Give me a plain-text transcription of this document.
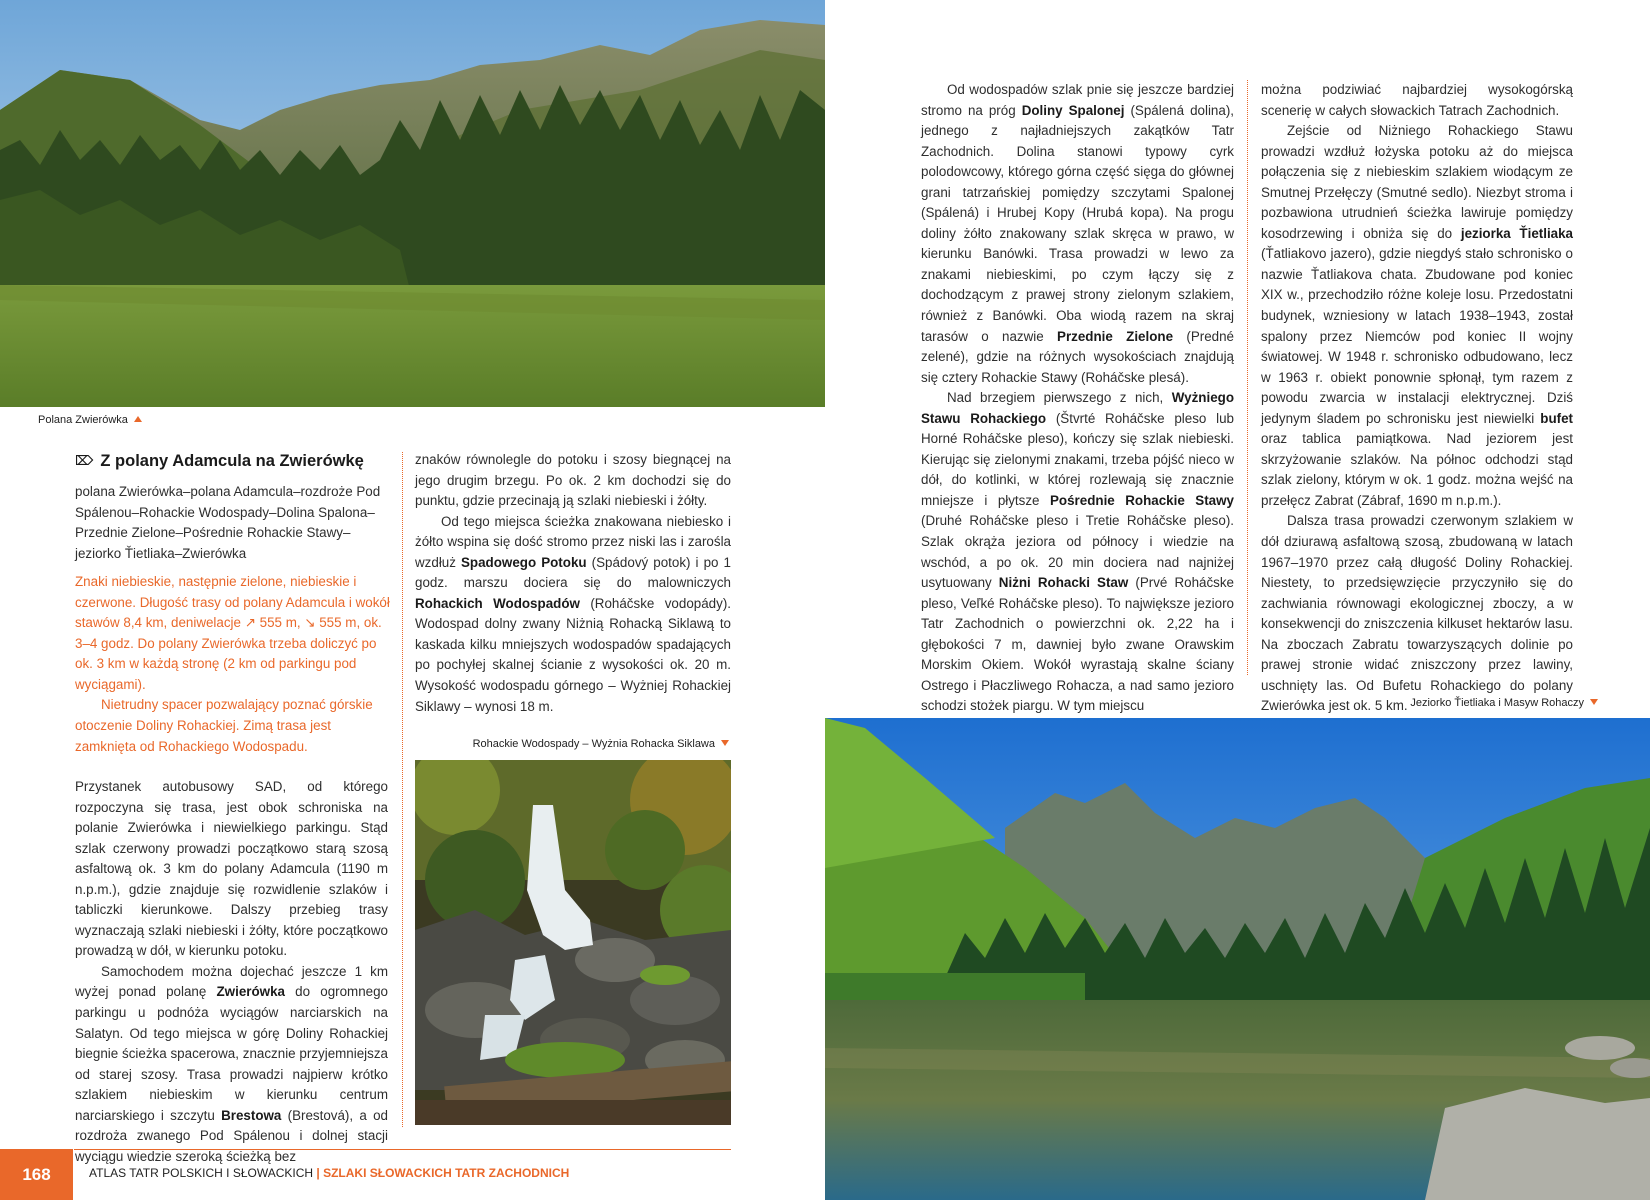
Polana Zwierówka
⌦ Z polany Adamcula na Zwierówkę

polana Zwierówka–polana Adamcula–rozdroże Pod Spálenou–Rohackie Wodospady–Dolina Spalona–Przednie Zielone–Pośrednie Rohackie Stawy–jeziorko Ťietliaka–Zwierówka

Znaki niebieskie, następnie zielone, niebieskie i czerwone. Długość trasy od polany Adamcula i wokół stawów 8,4 km, deniwelacje ↗ 555 m, ↘ 555 m, ok. 3–4 godz. Do polany Zwierówka trzeba doliczyć po ok. 3 km w każdą stronę (2 km od parkingu pod wyciągami).

Nietrudny spacer pozwalający poznać górskie otoczenie Doliny Rohackiej. Zimą trasa jest zamknięta od Rohackiego Wodospadu.

Przystanek autobusowy SAD, od którego rozpoczyna się trasa, jest obok schroniska na polanie Zwierówka i niewielkiego parkingu. Stąd szlak czerwony prowadzi początkowo starą szosą asfaltową ok. 3 km do polany Adamcula (1190 m n.p.m.), gdzie znajduje się rozwidlenie szlaków i tabliczki kierunkowe. Dalszy przebieg trasy wyznaczają szlaki niebieski i żółty, które początkowo prowadzą w dół, w kierunku potoku.

Samochodem można dojechać jeszcze 1 km wyżej ponad polanę Zwierówka do ogromnego parkingu u podnóża wyciągów narciarskich na Salatyn. Od tego miejsca w górę Doliny Rohackiej biegnie ścieżka spacerowa, znacznie przyjemniejsza od starej szosy. Trasa prowadzi najpierw krótko szlakiem niebieskim w kierunku centrum narciarskiego i szczytu Brestowa (Brestová), a od rozdroża zwanego Pod Spálenou i dolnej stacji wyciągu wiedzie szeroką ścieżką bez

znaków równolegle do potoku i szosy biegnącej na jego drugim brzegu. Po ok. 2 km dochodzi się do punktu, gdzie przecinają ją szlaki niebieski i żółty.

Od tego miejsca ścieżka znakowana niebiesko i żółto wspina się dość stromo przez niski las i zarośla wzdłuż Spadowego Potoku (Spádový potok) i po 1 godz. marszu dociera się do malowniczych Rohackich Wodospadów (Roháčske vodopády). Wodospad dolny zwany Niżnią Rohacką Siklawą to kaskada kilku mniejszych wodospadów spadających po pochyłej skalnej ścianie z wysokości ok. 20 m. Wysokość wodospadu górnego – Wyżniej Rohackiej Siklawy – wynosi 18 m.

Rohackie Wodospady – Wyżnia Rohacka Siklawa
168	ATLAS TATR POLSKICH I SŁOWACKICH | SZLAKI SŁOWACKICH TATR ZACHODNICH

Od wodospadów szlak pnie się jeszcze bardziej stromo na próg Doliny Spalonej (Spálená dolina), jednego z najładniejszych zakątków Tatr Zachodnich. Dolina stanowi typowy cyrk polodowcowy, którego górna część sięga do głównej grani tatrzańskiej pomiędzy szczytami Spalonej (Spálená) i Hrubej Kopy (Hrubá kopa). Na progu doliny żółto znakowany szlak skręca w prawo, w kierunku Banówki. Trasa prowadzi w lewo za znakami niebieskimi, po czym łączy się z dochodzącym z prawej strony zielonym szlakiem, również z Banówki. Oba wiodą razem na skraj tarasów o nazwie Przednie Zielone (Predné zelené), gdzie na różnych wysokościach znajdują się cztery Rohackie Stawy (Roháčske plesá).

Nad brzegiem pierwszego z nich, Wyżniego Stawu Rohackiego (Štvrté Roháčske pleso lub Horné Roháčske pleso), kończy się szlak niebieski. Kierując się zielonymi znakami, trzeba pójść nieco w dół, do kotlinki, w której rozlewają się znacznie mniejsze i płytsze Pośrednie Rohackie Stawy (Druhé Roháčske pleso i Tretie Roháčske pleso). Szlak okrąża jeziora od północy i wiedzie na wschód, a po ok. 20 min dociera nad najniżej usytuowany Niżni Rohacki Staw (Prvé Roháčske pleso, Veľké Roháčske pleso). To największe jezioro Tatr Zachodnich o powierzchni ok. 2,22 ha i głębokości 7 m, dawniej było zwane Orawskim Morskim Okiem. Wokół wyrastają skalne ściany Ostrego i Płaczliwego Rohacza, a nad samo jezioro schodzi stożek piargu. W tym miejscu

można podziwiać najbardziej wysokogórską scenerię w całych słowackich Tatrach Zachodnich.

Zejście od Niżniego Rohackiego Stawu prowadzi wzdłuż łożyska potoku aż do miejsca połączenia się z niebieskim szlakiem wiodącym ze Smutnej Przełęczy (Smutné sedlo). Niezbyt stroma i pozbawiona utrudnień ścieżka lawiruje pomiędzy kosodrzewing i obniża się do jeziorka Ťietliaka (Ťatliakovo jazero), gdzie niegdyś stało schronisko o nazwie Ťatliakova chata. Zbudowane pod koniec XIX w., przechodziło różne koleje losu. Przedostatni budynek, wzniesiony w latach 1938–1943, został spalony przez Niemców pod koniec II wojny światowej. W 1948 r. schronisko odbudowano, lecz w 1963 r. obiekt ponownie spłonął, tym razem z powodu zwarcia w instalacji elektrycznej. Dziś jedynym śladem po schronisku jest niewielki bufet oraz tablica pamiątkowa. Nad jeziorem jest skrzyżowanie szlaków. Na północ odchodzi stąd szlak zielony, którym w ok. 1 godz. można wejść na przełęcz Zabrat (Zábraf, 1690 m n.p.m.).

Dalsza trasa prowadzi czerwonym szlakiem w dół dziurawą asfaltową szosą, zbudowaną w latach 1967–1970 przez całą długość Doliny Rohackiej. Niestety, to przedsięwzięcie przyczyniło się do zachwiania równowagi ekologicznej zboczy, a w konsekwencji do zniszczenia kilkuset hektarów lasu. Na zboczach Zabratu towarzyszących dolinie po prawej stronie widać zniszczony przez lawiny, uschnięty las. Od Bufetu Rohackiego do polany Zwierówka jest ok. 5 km. Jeziorko Ťietliaka i Masyw Rohaczy
